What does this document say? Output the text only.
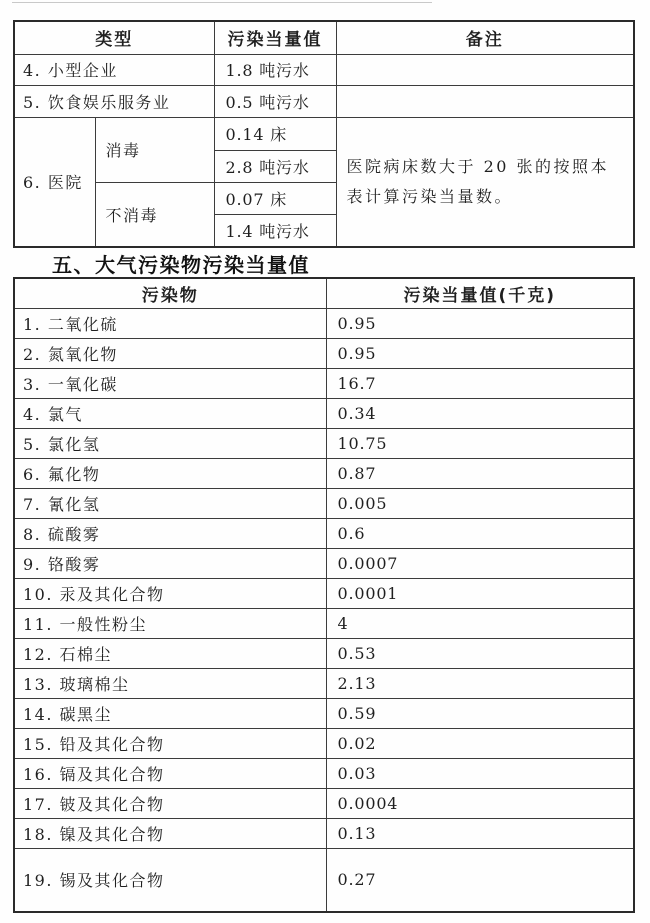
类型		污染当量值	备注
4. 小型企业		1.8 吨污水	
5. 饮食娱乐服务业		0.5 吨污水	
6. 医院	消毒	0.14 床	医院病床数大于 20 张的按照本表计算污染当量数。
		2.8 吨污水	
	不消毒	0.07 床	
		1.4 吨污水	
五、大气污染物污染当量值
污染物	污染当量值(千克)
1. 二氧化硫	0.95
2. 氮氧化物	0.95
3. 一氧化碳	16.7
4. 氯气	0.34
5. 氯化氢	10.75
6. 氟化物	0.87
7. 氰化氢	0.005
8. 硫酸雾	0.6
9. 铬酸雾	0.0007
10. 汞及其化合物	0.0001
11. 一般性粉尘	4
12. 石棉尘	0.53
13. 玻璃棉尘	2.13
14. 碳黑尘	0.59
15. 铅及其化合物	0.02
16. 镉及其化合物	0.03
17. 铍及其化合物	0.0004
18. 镍及其化合物	0.13
19. 锡及其化合物	0.27
